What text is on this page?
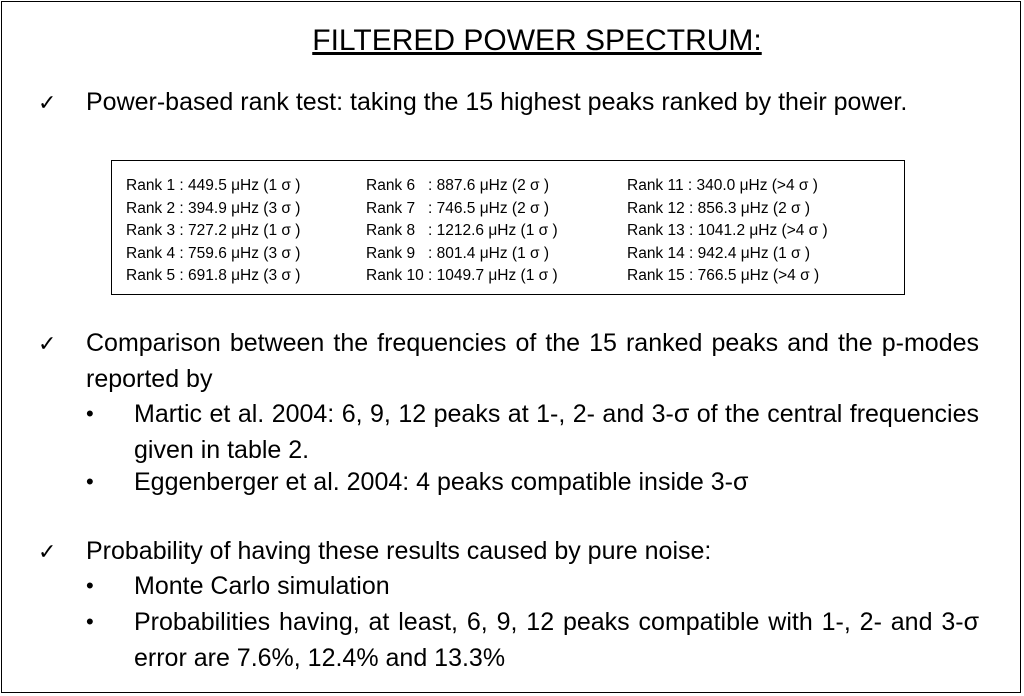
FILTERED POWER SPECTRUM:
✓ Power-based rank test: taking the 15 highest peaks ranked by their power.
Rank 1 : 449.5 μHz (1 σ )
Rank 2 : 394.9 μHz (3 σ )
Rank 3 : 727.2 μHz (1 σ )
Rank 4 : 759.6 μHz (3 σ )
Rank 5 : 691.8 μHz (3 σ )
Rank 6   : 887.6 μHz (2 σ )
Rank 7   : 746.5 μHz (2 σ )
Rank 8   : 1212.6 μHz (1 σ )
Rank 9   : 801.4 μHz (1 σ )
Rank 10 : 1049.7 μHz (1 σ )
Rank 11 : 340.0 μHz (>4 σ )
Rank 12 : 856.3 μHz (2 σ )
Rank 13 : 1041.2 μHz (>4 σ )
Rank 14 : 942.4 μHz (1 σ )
Rank 15 : 766.5 μHz (>4 σ )
✓ Comparison between the frequencies of the 15 ranked peaks and the p-modes reported by
• Martic et al. 2004: 6, 9, 12 peaks at 1-, 2- and 3-σ of the central frequencies given in table 2.
• Eggenberger et al. 2004: 4 peaks compatible inside 3-σ
✓ Probability of having these results caused by pure noise:
• Monte Carlo simulation
• Probabilities having, at least, 6, 9, 12 peaks compatible with 1-, 2- and 3-σ error are 7.6%, 12.4% and 13.3%
